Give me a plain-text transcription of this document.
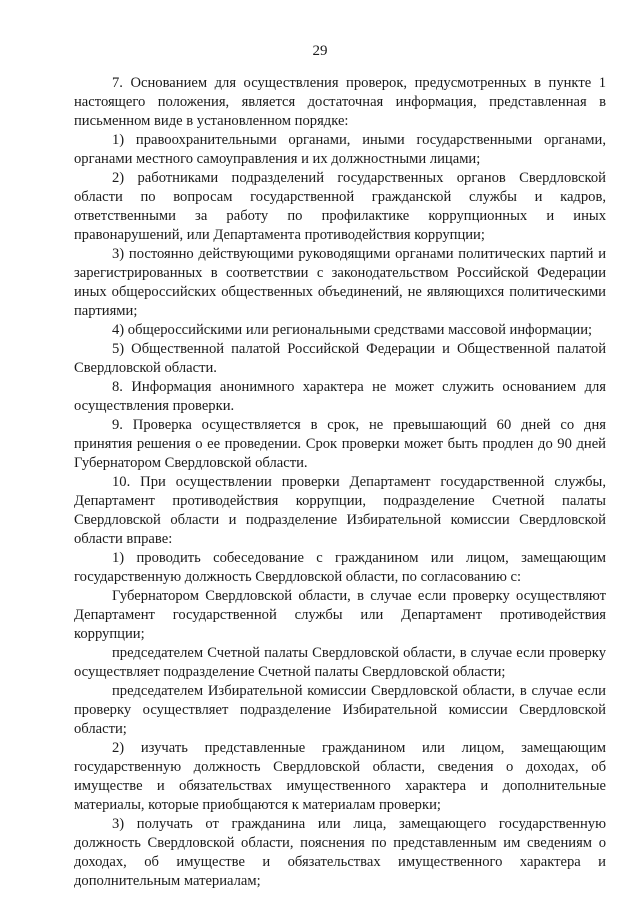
29

7. Основанием для осуществления проверок, предусмотренных в пункте 1 настоящего положения, является достаточная информация, представленная в письменном виде в установленном порядке:

1) правоохранительными органами, иными государственными органами, органами местного самоуправления и их должностными лицами;

2) работниками подразделений государственных органов Свердловской области по вопросам государственной гражданской службы и кадров, ответственными за работу по профилактике коррупционных и иных правонарушений, или Департамента противодействия коррупции;

3) постоянно действующими руководящими органами политических партий и зарегистрированных в соответствии с законодательством Российской Федерации иных общероссийских общественных объединений, не являющихся политическими партиями;

4) общероссийскими или региональными средствами массовой информации;

5) Общественной палатой Российской Федерации и Общественной палатой Свердловской области.

8. Информация анонимного характера не может служить основанием для осуществления проверки.

9. Проверка осуществляется в срок, не превышающий 60 дней со дня принятия решения о ее проведении. Срок проверки может быть продлен до 90 дней Губернатором Свердловской области.

10. При осуществлении проверки Департамент государственной службы, Департамент противодействия коррупции, подразделение Счетной палаты Свердловской области и подразделение Избирательной комиссии Свердловской области вправе:

1) проводить собеседование с гражданином или лицом, замещающим государственную должность Свердловской области, по согласованию с:

Губернатором Свердловской области, в случае если проверку осуществляют Департамент государственной службы или Департамент противодействия коррупции;

председателем Счетной палаты Свердловской области, в случае если проверку осуществляет подразделение Счетной палаты Свердловской области;

председателем Избирательной комиссии Свердловской области, в случае если проверку осуществляет подразделение Избирательной комиссии Свердловской области;

2) изучать представленные гражданином или лицом, замещающим государственную должность Свердловской области, сведения о доходах, об имуществе и обязательствах имущественного характера и дополнительные материалы, которые приобщаются к материалам проверки;

3) получать от гражданина или лица, замещающего государственную должность Свердловской области, пояснения по представленным им сведениям о доходах, об имуществе и обязательствах имущественного характера и дополнительным материалам;
